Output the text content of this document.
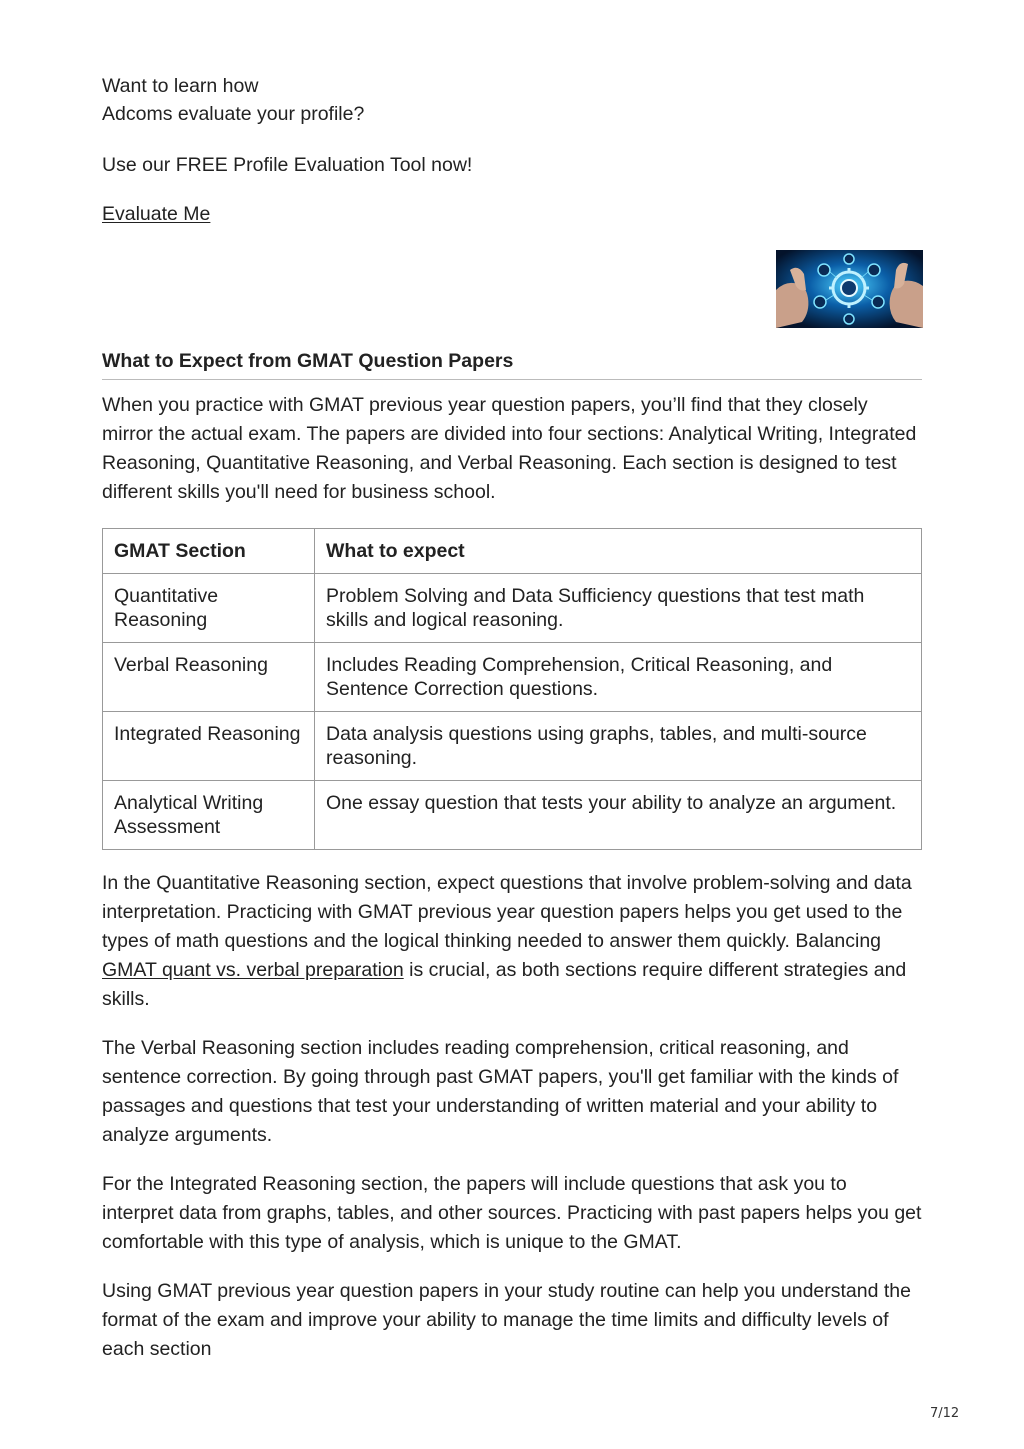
Want to learn how
Adcoms evaluate your profile?
Use our FREE Profile Evaluation Tool now!
Evaluate Me
What to Expect from GMAT Question Papers

When you practice with GMAT previous year question papers, you’ll find that they closely mirror the actual exam. The papers are divided into four sections: Analytical Writing, Integrated Reasoning, Quantitative Reasoning, and Verbal Reasoning. Each section is designed to test different skills you'll need for business school.

GMAT Section	What to expect
Quantitative Reasoning	Problem Solving and Data Sufficiency questions that test math skills and logical reasoning.
Verbal Reasoning	Includes Reading Comprehension, Critical Reasoning, and Sentence Correction questions.
Integrated Reasoning	Data analysis questions using graphs, tables, and multi-source reasoning.
Analytical Writing Assessment	One essay question that tests your ability to analyze an argument.

In the Quantitative Reasoning section, expect questions that involve problem-solving and data interpretation. Practicing with GMAT previous year question papers helps you get used to the types of math questions and the logical thinking needed to answer them quickly. Balancing GMAT quant vs. verbal preparation is crucial, as both sections require different strategies and skills.

The Verbal Reasoning section includes reading comprehension, critical reasoning, and sentence correction. By going through past GMAT papers, you'll get familiar with the kinds of passages and questions that test your understanding of written material and your ability to analyze arguments.

For the Integrated Reasoning section, the papers will include questions that ask you to interpret data from graphs, tables, and other sources. Practicing with past papers helps you get comfortable with this type of analysis, which is unique to the GMAT.

Using GMAT previous year question papers in your study routine can help you understand the format of the exam and improve your ability to manage the time limits and difficulty levels of each section

7/12
